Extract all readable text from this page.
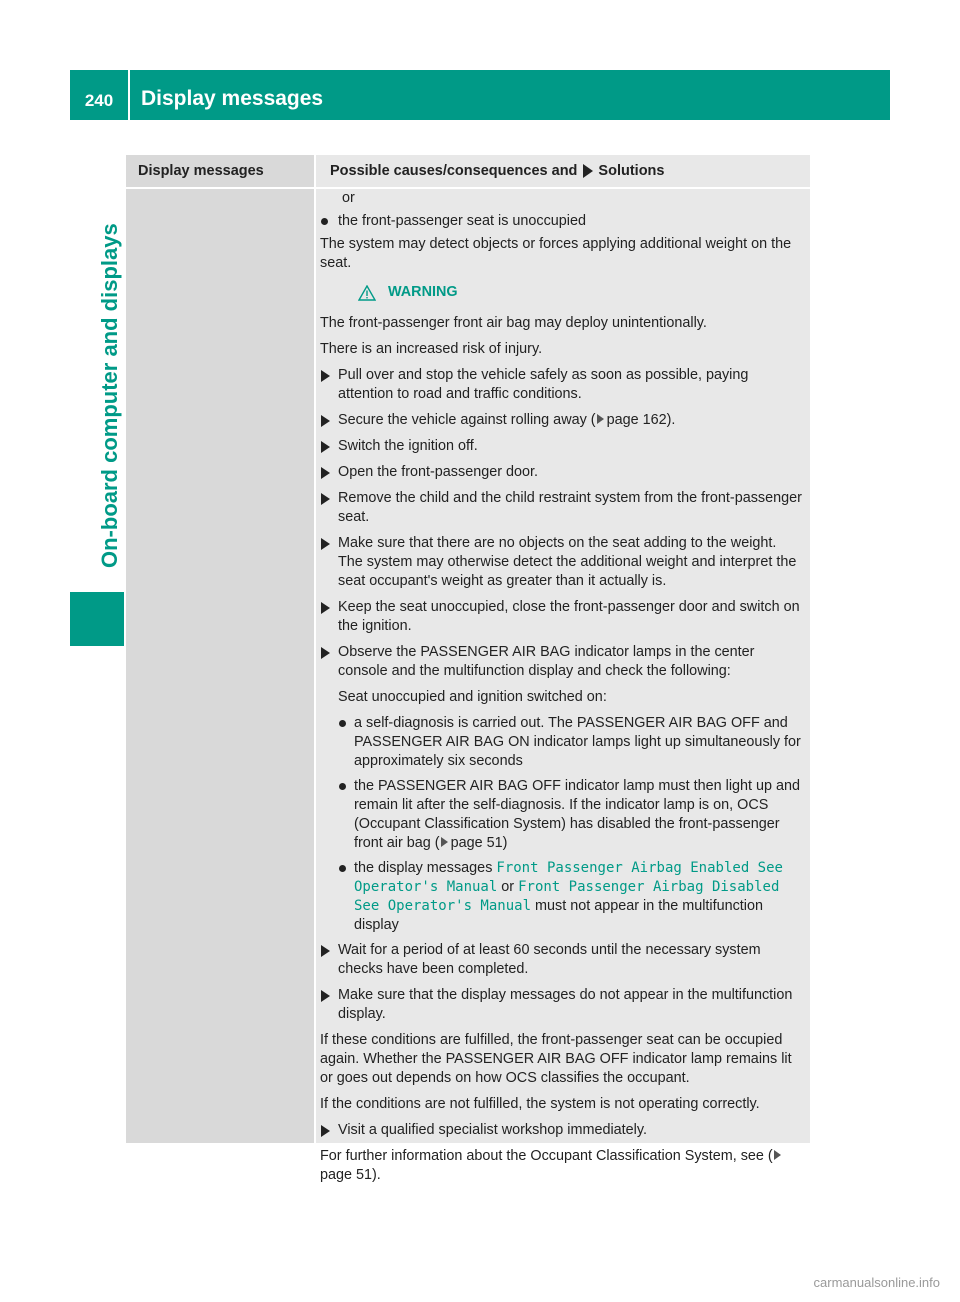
240	Display messages
On-board computer and displays
Display messages	Possible causes/consequences and Solutions

or

the front-passenger seat is unoccupied

The system may detect objects or forces applying additional weight on the seat.

WARNING

The front-passenger front air bag may deploy unintentionally.

There is an increased risk of injury.

Pull over and stop the vehicle safely as soon as possible, paying attention to road and traffic conditions.
Secure the vehicle against rolling away ( page 162).
Switch the ignition off.
Open the front-passenger door.
Remove the child and the child restraint system from the front-passenger seat.
Make sure that there are no objects on the seat adding to the weight.
The system may otherwise detect the additional weight and interpret the seat occupant's weight as greater than it actually is.
Keep the seat unoccupied, close the front-passenger door and switch on the ignition.
Observe the PASSENGER AIR BAG indicator lamps in the center console and the multifunction display and check the following:

Seat unoccupied and ignition switched on:

a self-diagnosis is carried out. The PASSENGER AIR BAG OFF and PASSENGER AIR BAG ON indicator lamps light up simultaneously for approximately six seconds
the PASSENGER AIR BAG OFF indicator lamp must then light up and remain lit after the self-diagnosis. If the indicator lamp is on, OCS (Occupant Classification System) has disabled the front-passenger front air bag ( page 51)
the display messages Front Passenger Airbag Enabled See Operator's Manual or Front Passenger Airbag Disabled See Operator's Manual must not appear in the multifunction display
Wait for a period of at least 60 seconds until the necessary system checks have been completed.
Make sure that the display messages do not appear in the multifunction display.

If these conditions are fulfilled, the front-passenger seat can be occupied again. Whether the PASSENGER AIR BAG OFF indicator lamp remains lit or goes out depends on how OCS classifies the occupant.

If the conditions are not fulfilled, the system is not operating correctly.

Visit a qualified specialist workshop immediately.

For further information about the Occupant Classification System, see (page 51).

carmanualsonline.info
